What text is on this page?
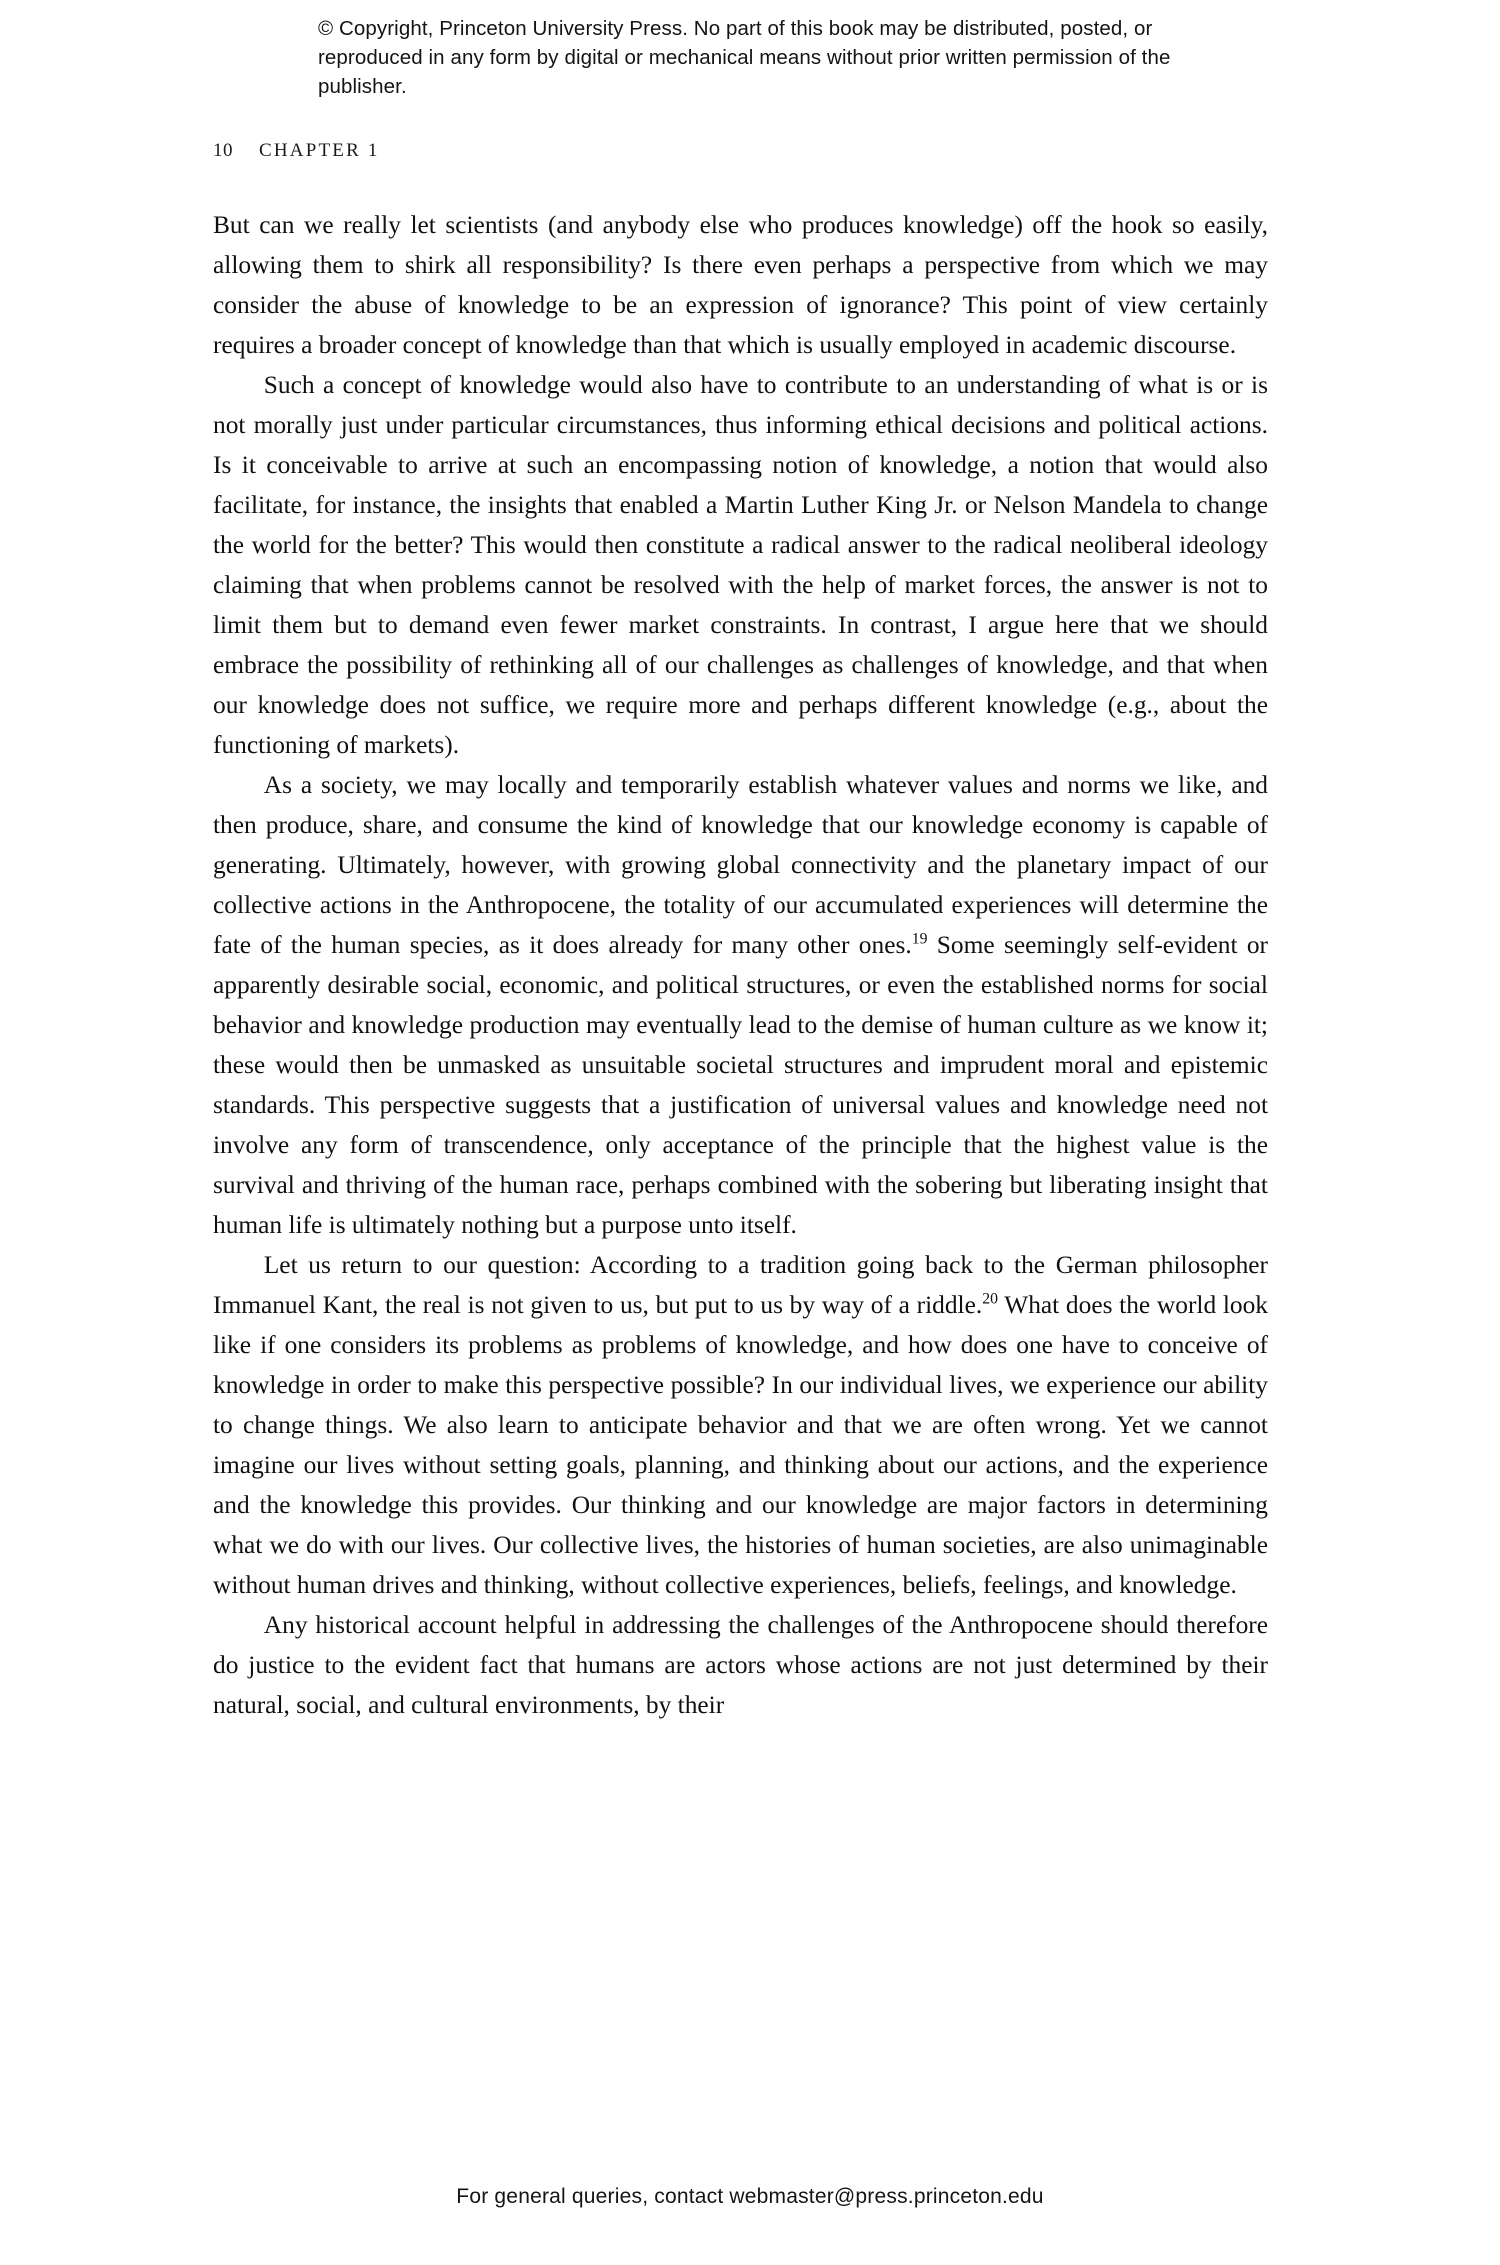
© Copyright, Princeton University Press. No part of this book may be distributed, posted, or reproduced in any form by digital or mechanical means without prior written permission of the publisher.
10 CHAPTER 1

But can we really let scientists (and anybody else who produces knowledge) off the hook so easily, allowing them to shirk all responsibility? Is there even perhaps a perspective from which we may consider the abuse of knowledge to be an expression of ignorance? This point of view certainly requires a broader concept of knowledge than that which is usually employed in academic discourse.

Such a concept of knowledge would also have to contribute to an understanding of what is or is not morally just under particular circumstances, thus informing ethical decisions and political actions. Is it conceivable to arrive at such an encompassing notion of knowledge, a notion that would also facilitate, for instance, the insights that enabled a Martin Luther King Jr. or Nelson Mandela to change the world for the better? This would then constitute a radical answer to the radical neoliberal ideology claiming that when problems cannot be resolved with the help of market forces, the answer is not to limit them but to demand even fewer market constraints. In contrast, I argue here that we should embrace the possibility of rethinking all of our challenges as challenges of knowledge, and that when our knowledge does not suffice, we require more and perhaps different knowledge (e.g., about the functioning of markets).

As a society, we may locally and temporarily establish whatever values and norms we like, and then produce, share, and consume the kind of knowledge that our knowledge economy is capable of generating. Ultimately, however, with growing global connectivity and the planetary impact of our collective actions in the Anthropocene, the totality of our accumulated experiences will determine the fate of the human species, as it does already for many other ones.$^{19}$ Some seemingly self-evident or apparently desirable social, economic, and political structures, or even the established norms for social behavior and knowledge production may eventually lead to the demise of human culture as we know it; these would then be unmasked as unsuitable societal structures and imprudent moral and epistemic standards. This perspective suggests that a justification of universal values and knowledge need not involve any form of transcendence, only acceptance of the principle that the highest value is the survival and thriving of the human race, perhaps combined with the sobering but liberating insight that human life is ultimately nothing but a purpose unto itself.

Let us return to our question: According to a tradition going back to the German philosopher Immanuel Kant, the real is not given to us, but put to us by way of a riddle.$^{20}$ What does the world look like if one considers its problems as problems of knowledge, and how does one have to conceive of knowledge in order to make this perspective possible? In our individual lives, we experience our ability to change things. We also learn to anticipate behavior and that we are often wrong. Yet we cannot imagine our lives without setting goals, planning, and thinking about our actions, and the experience and the knowledge this provides. Our thinking and our knowledge are major factors in determining what we do with our lives. Our collective lives, the histories of human societies, are also unimaginable without human drives and thinking, without collective experiences, beliefs, feelings, and knowledge.

Any historical account helpful in addressing the challenges of the Anthropocene should therefore do justice to the evident fact that humans are actors whose actions are not just determined by their natural, social, and cultural environments, by their

For general queries, contact webmaster@press.princeton.edu
